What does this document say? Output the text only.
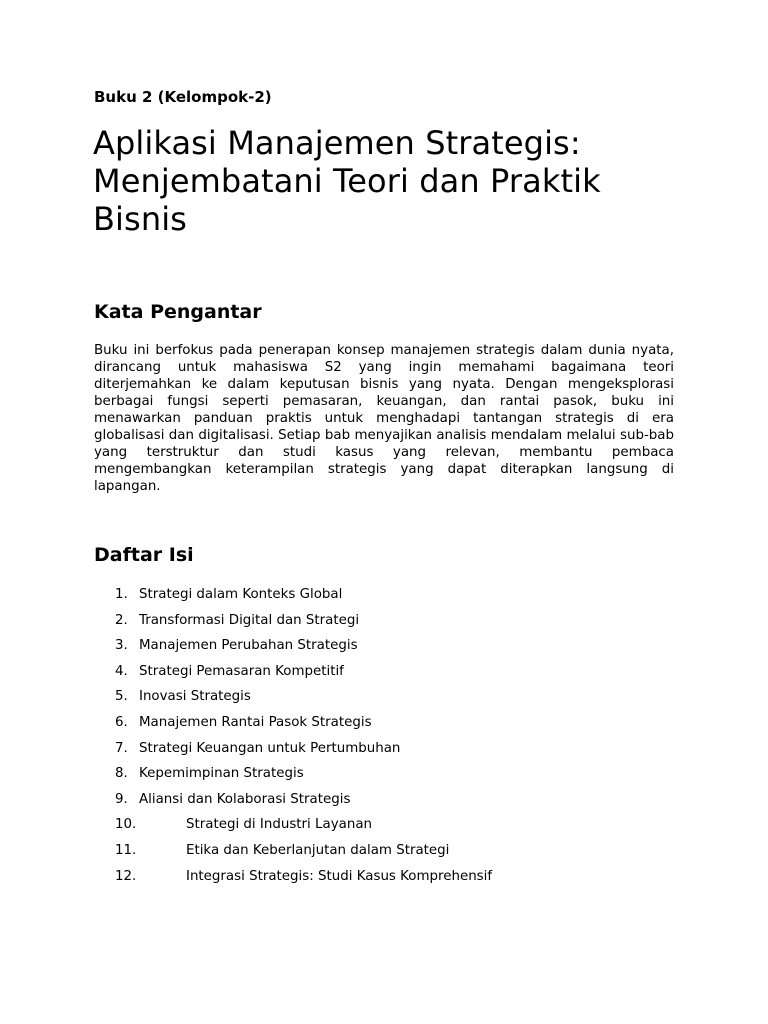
Buku 2 (Kelompok-2)

Aplikasi Manajemen Strategis: Menjembatani Teori dan Praktik Bisnis
Kata Pengantar

Buku ini berfokus pada penerapan konsep manajemen strategis dalam dunia nyata, dirancang untuk mahasiswa S2 yang ingin memahami bagaimana teori diterjemahkan ke dalam keputusan bisnis yang nyata. Dengan mengeksplorasi berbagai fungsi seperti pemasaran, keuangan, dan rantai pasok, buku ini menawarkan panduan praktis untuk menghadapi tantangan strategis di era globalisasi dan digitalisasi. Setiap bab menyajikan analisis mendalam melalui sub-bab yang terstruktur dan studi kasus yang relevan, membantu pembaca mengembangkan keterampilan strategis yang dapat diterapkan langsung di lapangan.

Daftar Isi
1. Strategi dalam Konteks Global
2. Transformasi Digital dan Strategi
3. Manajemen Perubahan Strategis
4. Strategi Pemasaran Kompetitif
5. Inovasi Strategis
6. Manajemen Rantai Pasok Strategis
7. Strategi Keuangan untuk Pertumbuhan
8. Kepemimpinan Strategis
9. Aliansi dan Kolaborasi Strategis
10.	Strategi di Industri Layanan
11.	Etika dan Keberlanjutan dalam Strategi
12.	Integrasi Strategis: Studi Kasus Komprehensif
